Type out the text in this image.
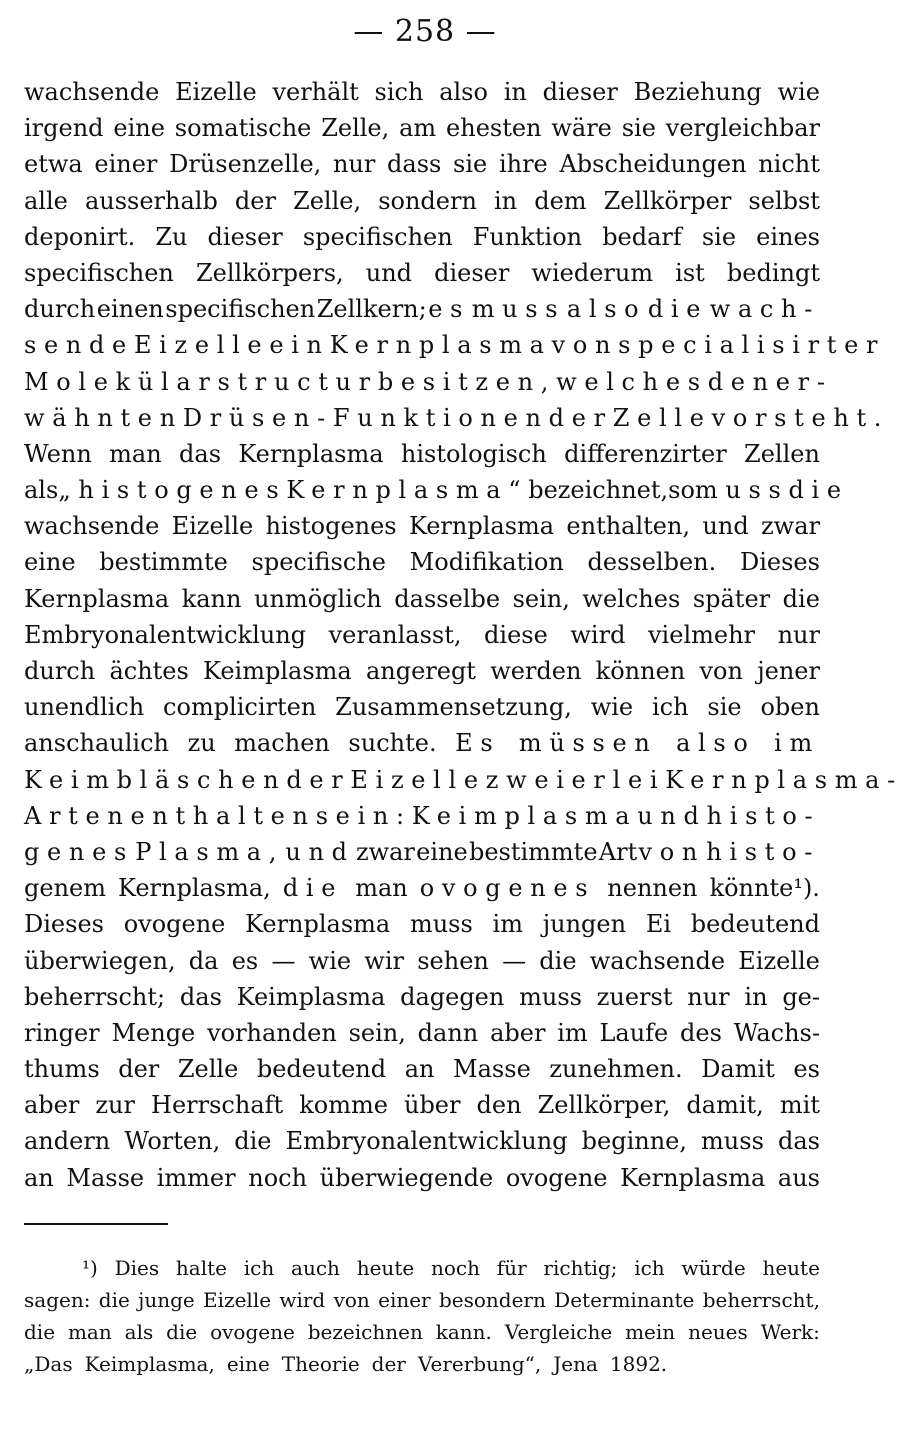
— 258 —
wachsende Eizelle verhält sich also in dieser Beziehung wie
irgend eine somatische Zelle, am ehesten wäre sie vergleichbar
etwa einer Drüsenzelle, nur dass sie ihre Abscheidungen nicht
alle ausserhalb der Zelle, sondern in dem Zellkörper selbst
deponirt. Zu dieser specifischen Funktion bedarf sie eines
specifischen Zellkörpers, und dieser wiederum ist bedingt
durch einen specifischen Zellkern; es muss also die wach-
sende Eizelle ein Kernplasma von specialisirter
Molekülarstructur besitzen, welches den er-
wähnten Drüsen-Funktionen der Zelle vorsteht.
Wenn man das Kernplasma histologisch differenzirter Zellen
als „histogenes Kernplasma“ bezeichnet, so muss die
wachsende Eizelle histogenes Kernplasma enthalten, und zwar
eine bestimmte specifische Modifikation desselben. Dieses
Kernplasma kann unmöglich dasselbe sein, welches später die
Embryonalentwicklung veranlasst, diese wird vielmehr nur
durch ächtes Keimplasma angeregt werden können von jener
unendlich complicirten Zusammensetzung, wie ich sie oben
anschaulich zu machen suchte. Es müssen also im
Keimbläschen der Eizelle zweierlei Kernplasma-
Arten enthalten sein: Keimplasma und histo-
genes Plasma, und zwar eine bestimmte Art von histo-
genem Kernplasma, die man ovogenes nennen könnte¹).
Dieses ovogene Kernplasma muss im jungen Ei bedeutend
überwiegen, da es — wie wir sehen — die wachsende Eizelle
beherrscht; das Keimplasma dagegen muss zuerst nur in ge-
ringer Menge vorhanden sein, dann aber im Laufe des Wachs-
thums der Zelle bedeutend an Masse zunehmen. Damit es
aber zur Herrschaft komme über den Zellkörper, damit, mit
andern Worten, die Embryonalentwicklung beginne, muss das
an Masse immer noch überwiegende ovogene Kernplasma aus
¹) Dies halte ich auch heute noch für richtig; ich würde heute
sagen: die junge Eizelle wird von einer besondern Determinante beherrscht,
die man als die ovogene bezeichnen kann. Vergleiche mein neues Werk:
„Das Keimplasma, eine Theorie der Vererbung“, Jena 1892.
